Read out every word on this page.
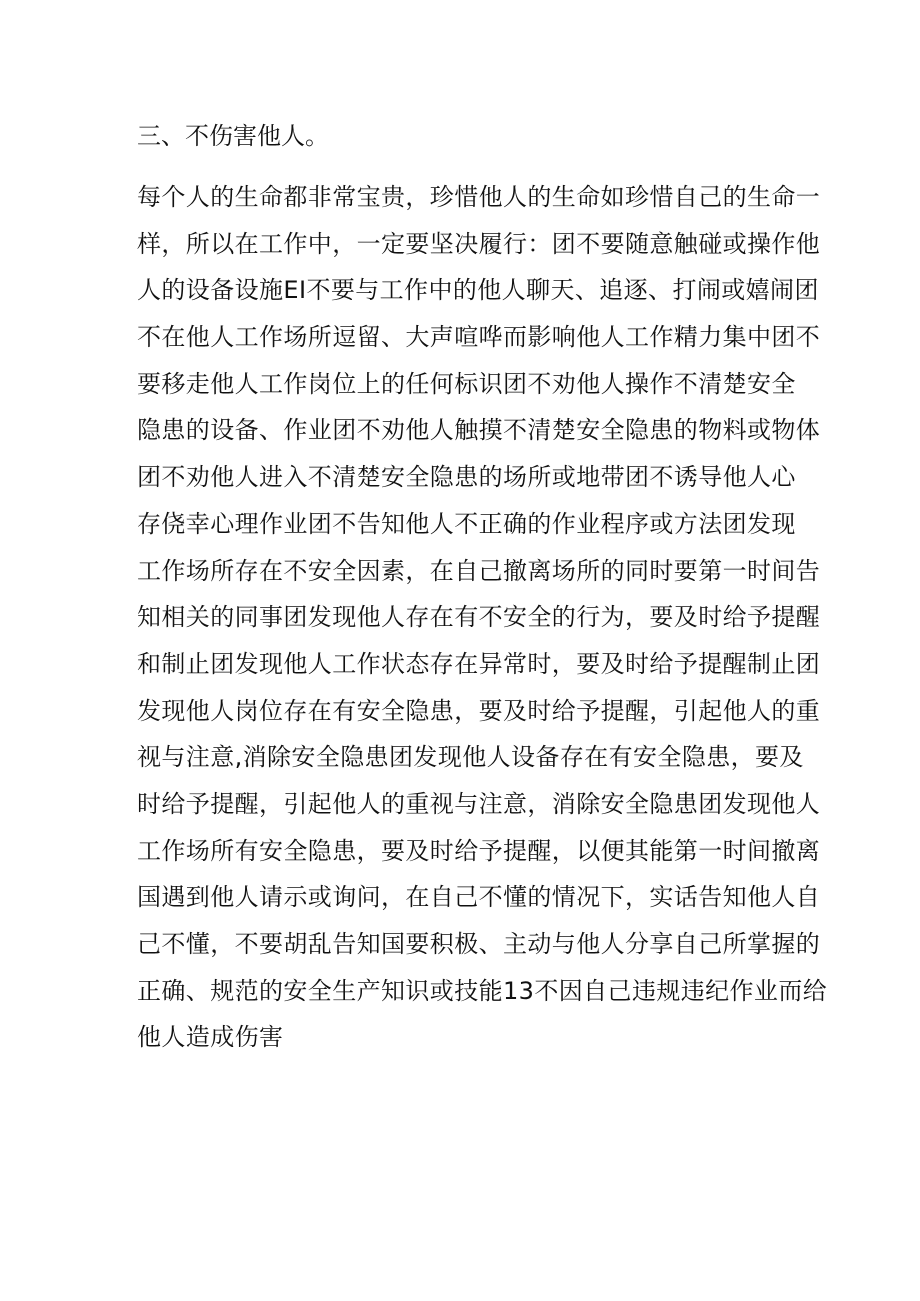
三、不伤害他人。
每个人的生命都非常宝贵，珍惜他人的生命如珍惜自己的生命一
样，所以在工作中，一定要坚决履行：团不要随意触碰或操作他
人的设备设施EI不要与工作中的他人聊天、追逐、打闹或嬉闹团
不在他人工作场所逗留、大声喧哗而影响他人工作精力集中团不
要移走他人工作岗位上的任何标识团不劝他人操作不清楚安全
隐患的设备、作业团不劝他人触摸不清楚安全隐患的物料或物体
团不劝他人进入不清楚安全隐患的场所或地带团不诱导他人心
存侥幸心理作业团不告知他人不正确的作业程序或方法团发现
工作场所存在不安全因素，在自己撤离场所的同时要第一时间告
知相关的同事团发现他人存在有不安全的行为，要及时给予提醒
和制止团发现他人工作状态存在异常时，要及时给予提醒制止团
发现他人岗位存在有安全隐患，要及时给予提醒，引起他人的重
视与注意,消除安全隐患团发现他人设备存在有安全隐患，要及
时给予提醒，引起他人的重视与注意，消除安全隐患团发现他人
工作场所有安全隐患，要及时给予提醒，以便其能第一时间撤离
国遇到他人请示或询问，在自己不懂的情况下，实话告知他人自
己不懂，不要胡乱告知国要积极、主动与他人分享自己所掌握的
正确、规范的安全生产知识或技能13不因自己违规违纪作业而给
他人造成伤害
